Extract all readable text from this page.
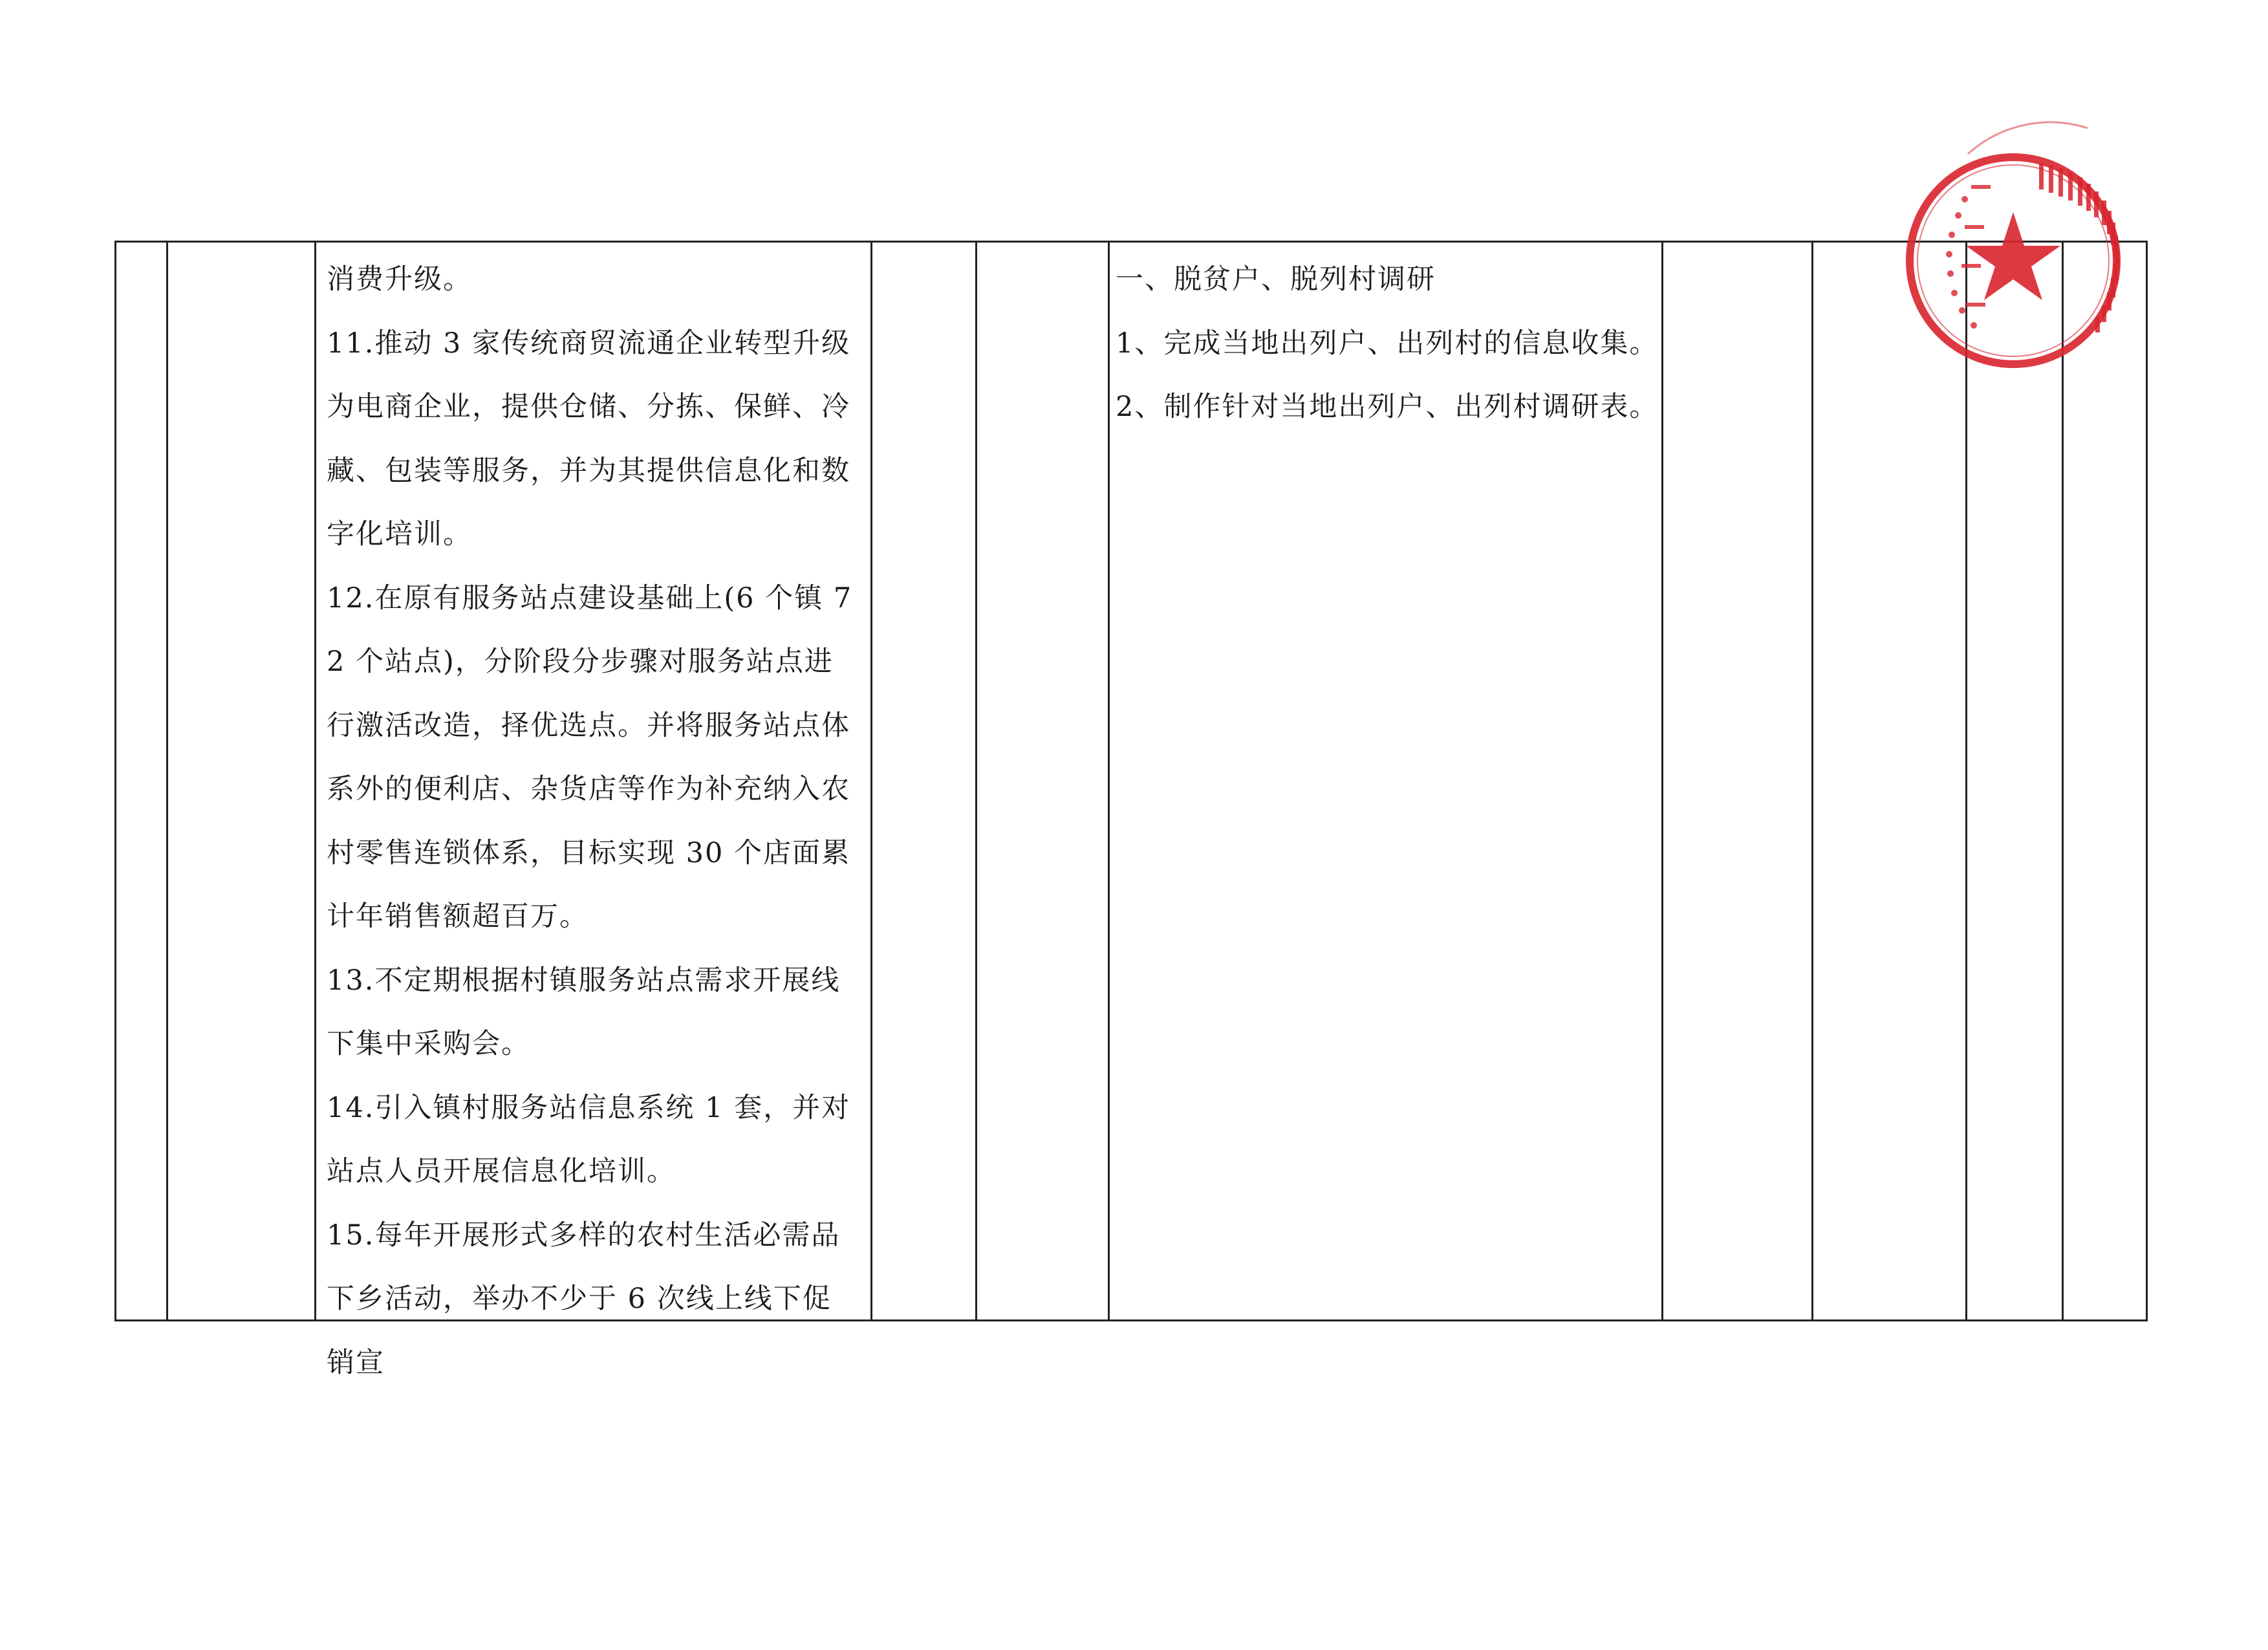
消费升级。

11.推动 3 家传统商贸流通企业转型升级为电商企业，提供仓储、分拣、保鲜、冷藏、包装等服务，并为其提供信息化和数字化培训。

12.在原有服务站点建设基础上(6 个镇 72 个站点)，分阶段分步骤对服务站点进行激活改造，择优选点。并将服务站点体系外的便利店、杂货店等作为补充纳入农村零售连锁体系，目标实现 30 个店面累计年销售额超百万。

13.不定期根据村镇服务站点需求开展线下集中采购会。

14.引入镇村服务站信息系统 1 套，并对站点人员开展信息化培训。

15.每年开展形式多样的农村生活必需品下乡活动，举办不少于 6 次线上线下促销宣

一、脱贫户、脱列村调研

1、完成当地出列户、出列村的信息收集。

2、制作针对当地出列户、出列村调研表。
